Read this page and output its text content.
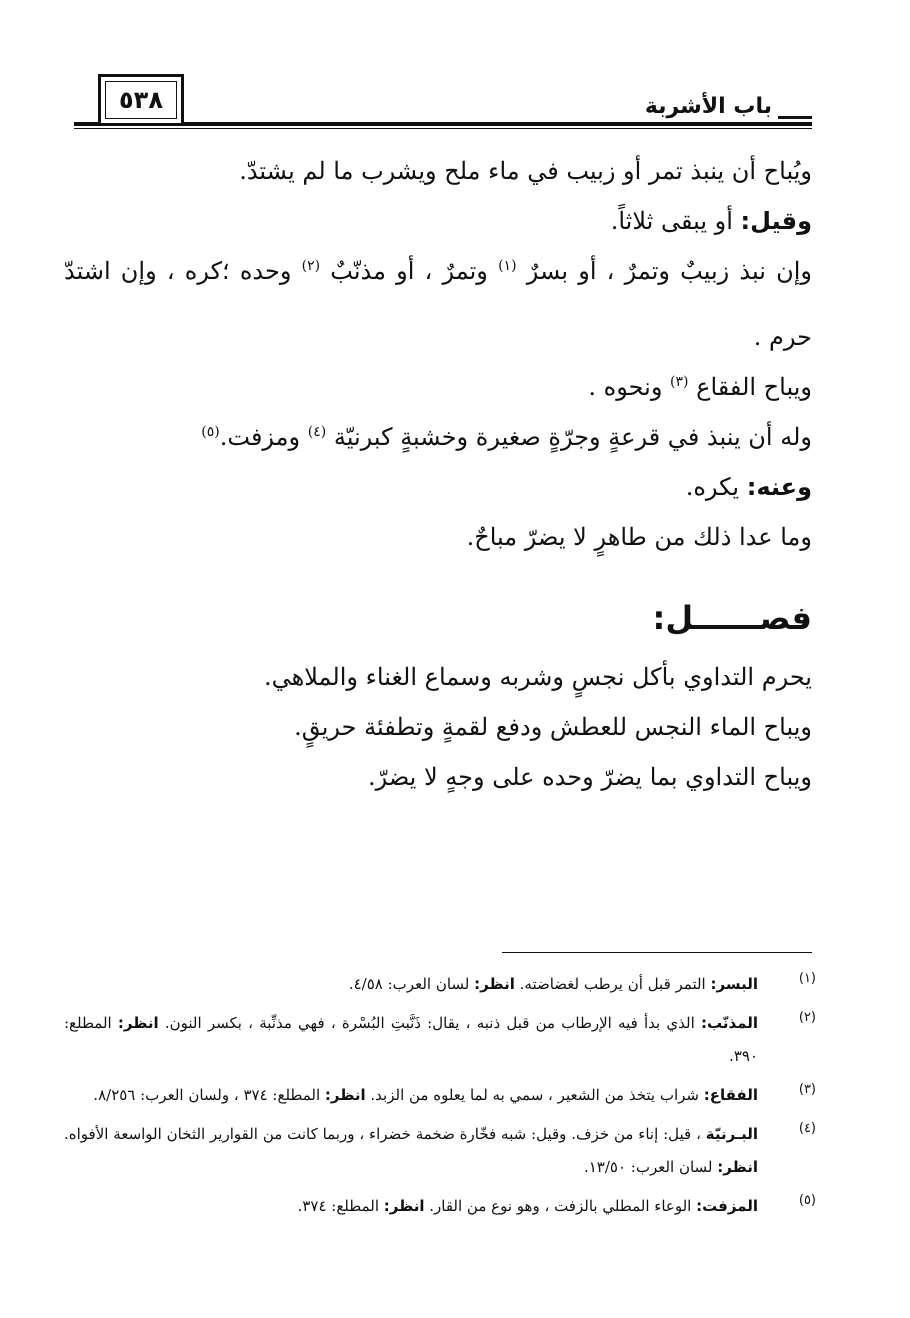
٥٣٨	باب الأشربة

ويُباح أن ينبذ تمر أو زبيب في ماء ملح ويشرب ما لم يشتدّ.

وقيل: أو يبقى ثلاثاً.

وإن نبذ زبيبٌ وتمرٌ ، أو بسرٌ $^{(١)}$ وتمرٌ ، أو مذنّبٌ $^{(٢)}$ وحده ؛كره ، وإن اشتدّ

حرم .

ويباح الفقاع $^{(٣)}$ ونحوه .

وله أن ينبذ في قرعةٍ وجرّةٍ صغيرة وخشبةٍ كبرنيّة $^{(٤)}$ ومزفت.$^{(٥)}$

وعنه: يكره.

وما عدا ذلك من طاهرٍ لا يضرّ مباحٌ.

فصــــــل:

يحرم التداوي بأكل نجسٍ وشربه وسماع الغناء والملاهي.

ويباح الماء النجس للعطش ودفع لقمةٍ وتطفئة حريقٍ.

ويباح التداوي بما يضرّ وحده على وجهٍ لا يضرّ.

(١)
البسر: التمر قبل أن يرطب لغضاضته. انظر: لسان العرب: ٤/٥٨.
(٢)
المذنّب: الذي بدأ فيه الإرطاب من قبل ذنبه ، يقال: ذَنَّبتِ البُسْرة ، فهي مذنِّبة ، بكسر النون. انظر: المطلع: ٣٩٠.
(٣)
الفقاع: شراب يتخذ من الشعير ، سمي به لما يعلوه من الزبد. انظر: المطلع: ٣٧٤ ، ولسان العرب: ٨/٢٥٦.
(٤)
البـرنيّة ، قيل: إناء من خزف. وقيل: شبه فخّارة ضخمة خضراء ، وربما كانت من القوارير الثخان الواسعة الأفواه. انظر: لسان العرب: ١٣/٥٠.
(٥)
المزفت: الوعاء المطلي بالزفت ، وهو نوع من القار. انظر: المطلع: ٣٧٤.
